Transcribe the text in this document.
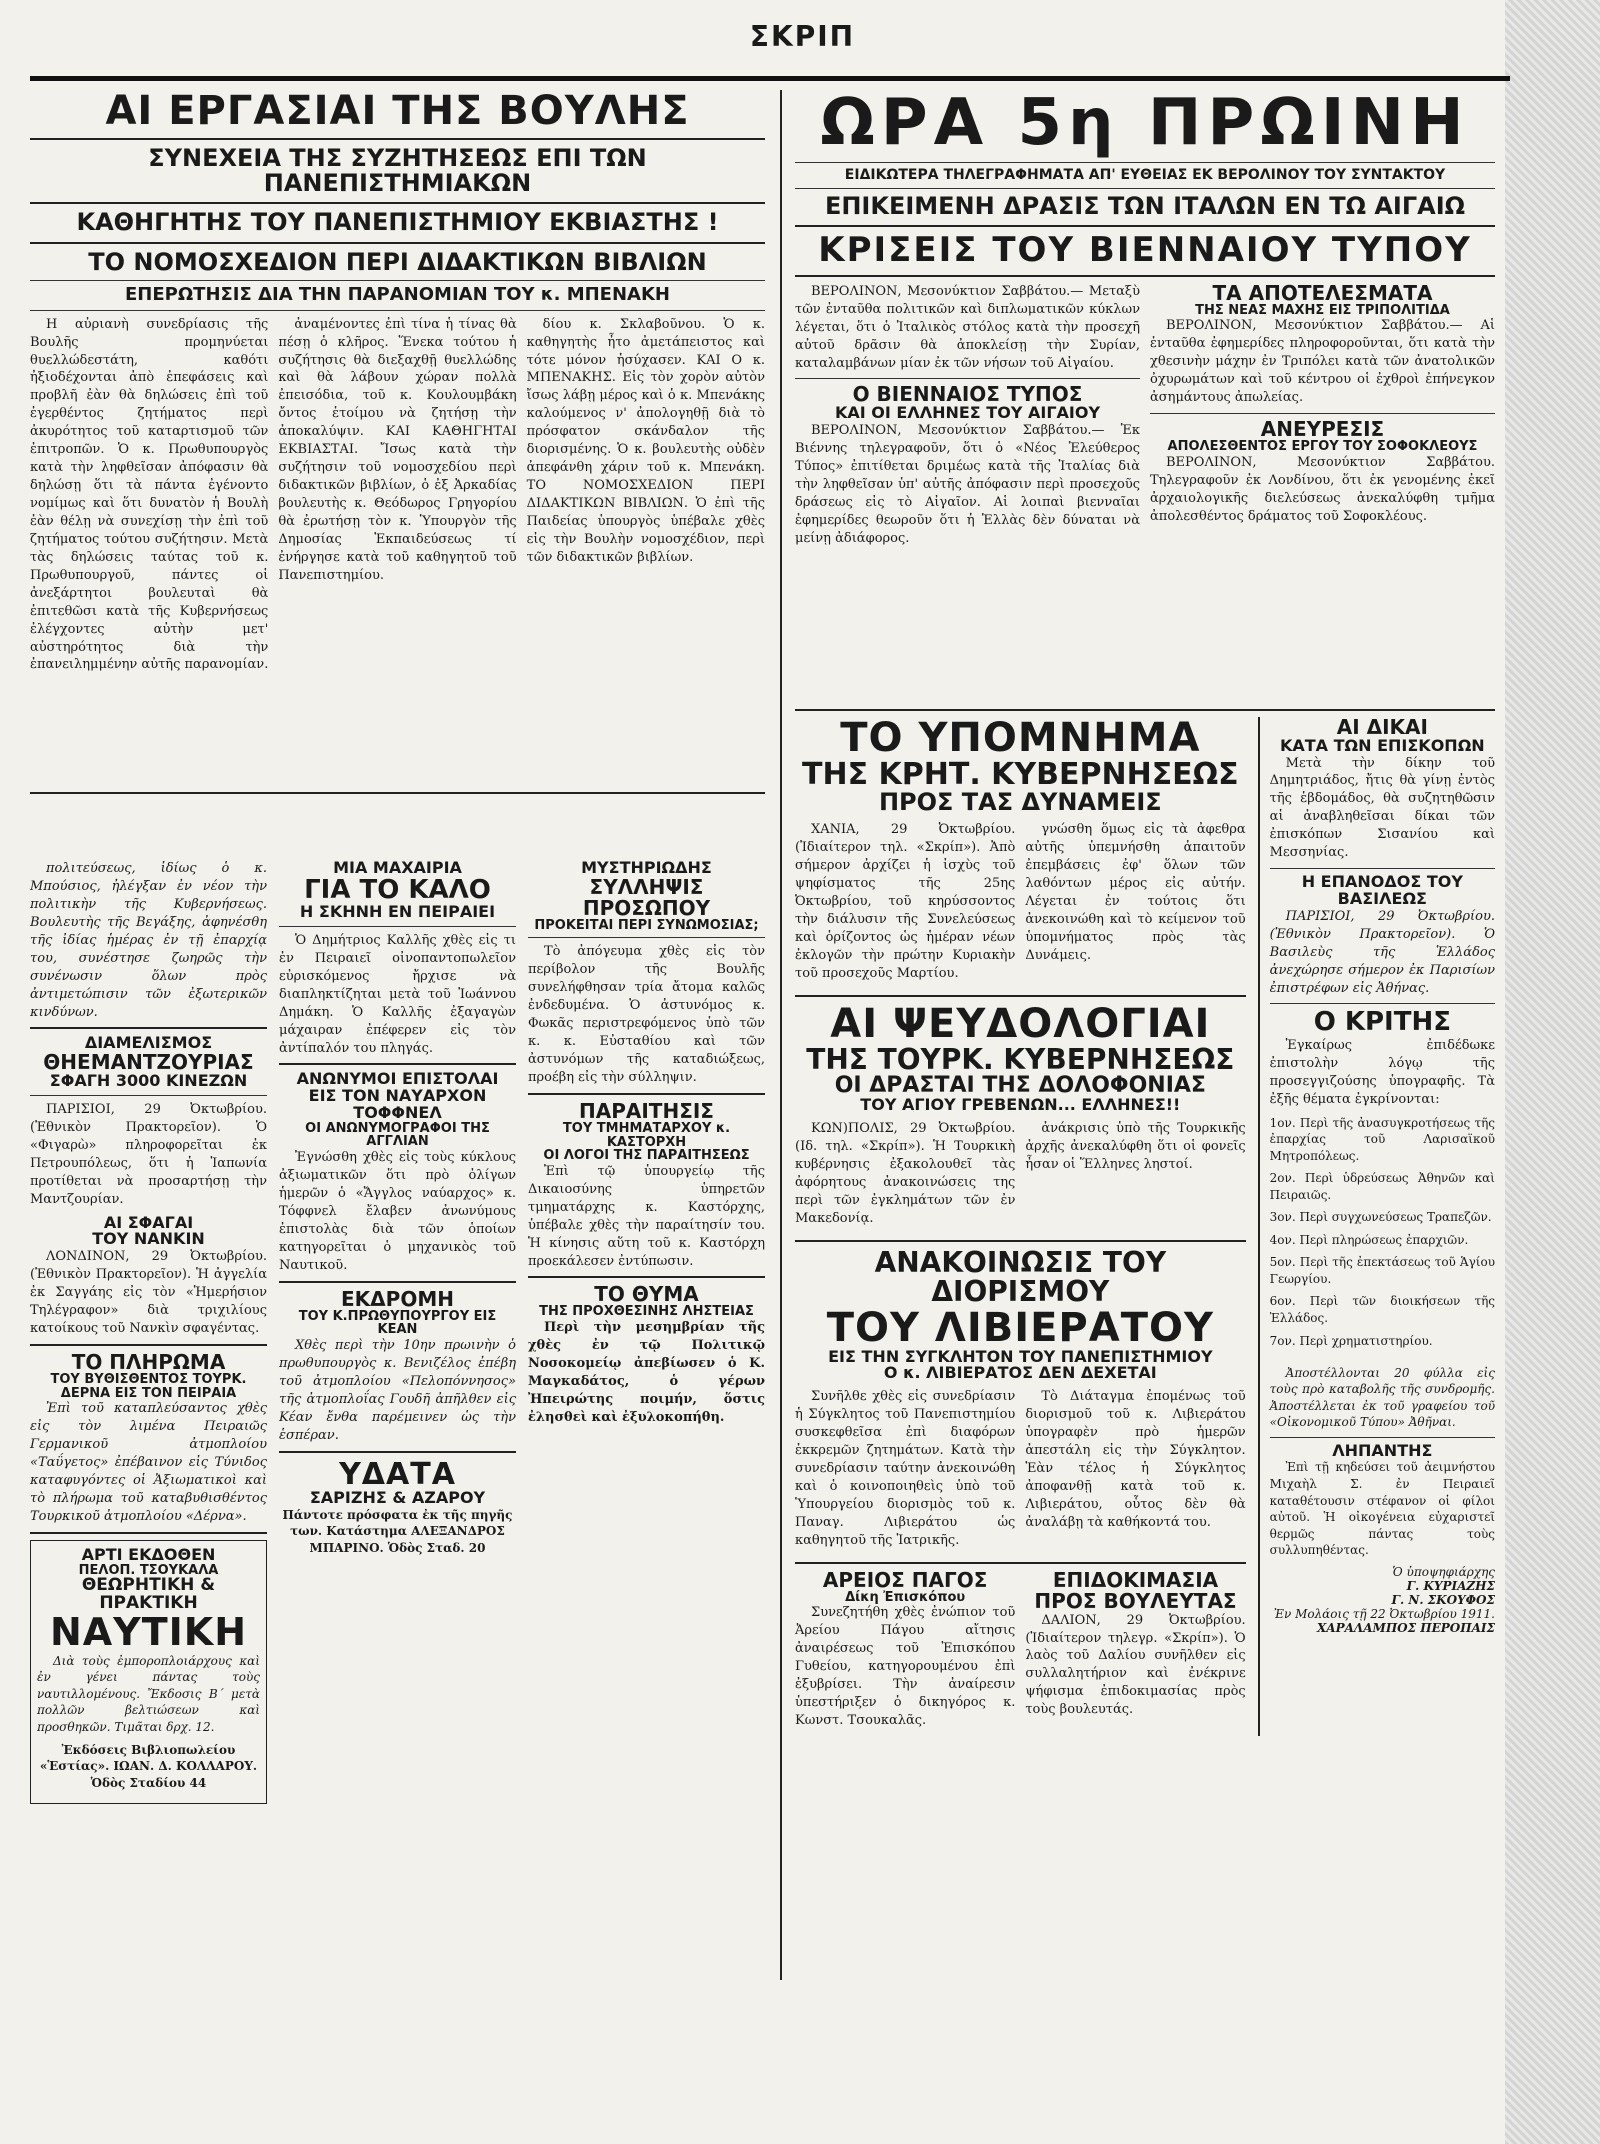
ΣΚΡΙΠ
ΑΙ ΕΡΓΑΣΙΑΙ ΤΗΣ ΒΟΥΛΗΣ
ΣΥΝΕΧΕΙΑ ΤΗΣ ΣΥΖΗΤΗΣΕΩΣ ΕΠΙ ΤΩΝ ΠΑΝΕΠΙΣΤΗΜΙΑΚΩΝ
ΚΑΘΗΓΗΤΗΣ ΤΟΥ ΠΑΝΕΠΙΣΤΗΜΙΟΥ ΕΚΒΙΑΣΤΗΣ !
ΤΟ ΝΟΜΟΣΧΕΔΙΟΝ ΠΕΡΙ ΔΙΔΑΚΤΙΚΩΝ ΒΙΒΛΙΩΝ
ΕΠΕΡΩΤΗΣΙΣ ΔΙΑ ΤΗΝ ΠΑΡΑΝΟΜΙΑΝ ΤΟΥ κ. ΜΠΕΝΑΚΗ

Η αὐριανὴ συνεδρίασις τῆς Βουλῆς προμηνύεται θυελλώδεστάτη, καθότι ἠξιοδέχονται ἀπὸ ἐπεφάσεις καὶ προβλῆ ἐὰν θὰ δηλώσεις ἐπὶ τοῦ ἐγερθέντος ζητήματος περὶ ἀκυρότητος τοῦ καταρτισμοῦ τῶν ἐπιτροπῶν. Ὁ κ. Πρωθυπουργὸς κατὰ τὴν ληφθεῖσαν ἀπόφασιν θὰ δηλώσῃ ὅτι τὰ πάντα ἐγένοντο νομίμως καὶ ὅτι δυνατὸν ἡ Βουλὴ ἐὰν θέλῃ νὰ συνεχίσῃ τὴν ἐπὶ τοῦ ζητήματος τούτου συζήτησιν. Μετὰ τὰς δηλώσεις ταύτας τοῦ κ. Πρωθυπουργοῦ, πάντες οἱ ἀνεξάρτητοι βουλευταὶ θὰ ἐπιτεθῶσι κατὰ τῆς Κυβερνήσεως ἐλέγχοντες αὐτὴν μετ' αὐστηρότητος διὰ τὴν ἐπανειλημμένην αὐτῆς παρανομίαν.

ἀναμένοντες ἐπὶ τίνα ἡ τίνας θὰ πέσῃ ὁ κλῆρος. Ἕνεκα τούτου ἡ συζήτησις θὰ διεξαχθῇ θυελλώδης καὶ θὰ λάβουν χώραν πολλὰ ἐπεισόδια, τοῦ κ. Κουλουμβάκη ὄντος ἑτοίμου νὰ ζητήσῃ τὴν ἀποκαλύψιν. ΚΑΙ ΚΑΘΗΓΗΤΑΙ ΕΚΒΙΑΣΤΑΙ. Ἴσως κατὰ τὴν συζήτησιν τοῦ νομοσχεδίου περὶ διδακτικῶν βιβλίων, ὁ ἐξ Ἀρκαδίας βουλευτὴς κ. Θεόδωρος Γρηγορίου θὰ ἐρωτήσῃ τὸν κ. Ὑπουργὸν τῆς Δημοσίας Ἐκπαιδεύσεως τί ἐνήργησε κατὰ τοῦ καθηγητοῦ τοῦ Πανεπιστημίου.

δίου κ. Σκλαβοῦνου. Ὁ κ. καθηγητὴς ἦτο ἀμετάπειστος καὶ τότε μόνον ἡσύχασεν. ΚΑΙ Ο κ. ΜΠΕΝΑΚΗΣ. Εἰς τὸν χορὸν αὐτὸν ἴσως λάβῃ μέρος καὶ ὁ κ. Μπενάκης καλούμενος ν' ἀπολογηθῇ διὰ τὸ πρόσφατον σκάνδαλον τῆς διορισμένης. Ὁ κ. βουλευτὴς οὐδὲν ἀπεφάνθη χάριν τοῦ κ. Μπενάκη. ΤΟ ΝΟΜΟΣΧΕΔΙΟΝ ΠΕΡΙ ΔΙΔΑΚΤΙΚΩΝ ΒΙΒΛΙΩΝ. Ὁ ἐπὶ τῆς Παιδείας ὑπουργὸς ὑπέβαλε χθὲς εἰς τὴν Βουλὴν νομοσχέδιον, περὶ τῶν διδακτικῶν βιβλίων.

πολιτεύσεως, ἰδίως ὁ κ. Μπούσιος, ἠλέγξαν ἐν νέον τὴν πολιτικὴν τῆς Κυβερνήσεως. Βουλευτὴς τῆς Βεγάξης, ἀφηνέσθη τῆς ἰδίας ἡμέρας ἐν τῇ ἐπαρχίᾳ του, συνέστησε ζωηρῶς τὴν συνένωσιν ὅλων πρὸς ἀντιμετώπισιν τῶν ἐξωτερικῶν κινδύνων.

ΔΙΑΜΕΛΙΣΜΟΣ
ΘΗΕΜΑΝΤΖΟΥΡΙΑΣ
ΣΦΑΓΗ 3000 ΚΙΝΕΖΩΝ

ΠΑΡΙΣΙΟΙ, 29 Ὀκτωβρίου. (Ἐθνικὸν Πρακτορεῖον). Ὁ «Φιγαρὼ» πληροφορεῖται ἐκ Πετρουπόλεως, ὅτι ἡ Ἰαπωνία προτίθεται νὰ προσαρτήσῃ τὴν Μαντζουρίαν.

ΑΙ ΣΦΑΓΑΙ
ΤΟΥ ΝΑΝΚΙΝ

ΛΟΝΔΙΝΟΝ, 29 Ὀκτωβρίου. (Ἐθνικὸν Πρακτορεῖον). Ἡ ἀγγελία ἐκ Σαγγάης εἰς τὸν «Ἡμερήσιον Τηλέγραφον» διὰ τριχιλίους κατοίκους τοῦ Νανκὶν σφαγέντας.

ΤΟ ΠΛΗΡΩΜΑ
ΤΟΥ ΒΥΘΙΣΘΕΝΤΟΣ ΤΟΥΡΚ. ΔΕΡΝΑ ΕΙΣ ΤΟΝ ΠΕΙΡΑΙΑ

Ἐπὶ τοῦ καταπλεύσαντος χθὲς εἰς τὸν λιμένα Πειραιῶς Γερμανικοῦ ἀτμοπλοίου «Ταΰγετος» ἐπέβαινον εἰς Τύνιδος καταφυγόντες οἱ Ἀξιωματικοὶ καὶ τὸ πλήρωμα τοῦ καταβυθισθέντος Τουρκικοῦ ἀτμοπλοίου «Δέρνα».

ΑΡΤΙ ΕΚΔΟΘΕΝ
ΠΕΛΟΠ. ΤΣΟΥΚΑΛΑ
ΘΕΩΡΗΤΙΚΗ & ΠΡΑΚΤΙΚΗ
ΝΑΥΤΙΚΗ

Διὰ τοὺς ἐμπορoπλοιάρχους καὶ ἐν γένει πάντας τοὺς ναυτιλλομένους. Ἔκδοσις Β΄ μετὰ πολλῶν βελτιώσεων καὶ προσθηκῶν. Τιμᾶται δρχ. 12.

Ἐκδόσεις Βιβλιοπωλείου «Ἑστίας». ΙΩΑΝ. Δ. ΚΟΛΛΑΡΟΥ. Ὁδὸς Σταδίου 44

ΜΙΑ ΜΑΧΑΙΡΙΑ
ΓΙΑ ΤΟ ΚΑΛΟ
Η ΣΚΗΝΗ ΕΝ ΠΕΙΡΑΙΕΙ

Ὁ Δημήτριος Καλλῆς χθὲς εἰς τι ἐν Πειραιεῖ οἰνοπαντοπωλεῖον εὐρισκόμενος ἤρχισε νὰ διαπληκτίζηται μετὰ τοῦ Ἰωάννου Δημάκη. Ὁ Καλλῆς ἐξαγαγὼν μάχαιραν ἐπέφερεν εἰς τὸν ἀντίπαλόν του πληγάς.

ΑΝΩΝΥΜΟΙ ΕΠΙΣΤΟΛΑΙ
ΕΙΣ ΤΟΝ ΝΑΥΑΡΧΟΝ ΤΟΦΦΝΕΛ
ΟΙ ΑΝΩΝΥΜΟΓΡΑΦΟΙ ΤΗΣ ΑΓΓΛΙΑΝ

Ἐγνώσθη χθὲς εἰς τοὺς κύκλους ἀξιωματικῶν ὅτι πρὸ ὀλίγων ἡμερῶν ὁ «Ἄγγλος ναύαρχος» κ. Τόφφνελ ἔλαβεν ἀνωνύμους ἐπιστολὰς διὰ τῶν ὁποίων κατηγορεῖται ὁ μηχανικὸς τοῦ Ναυτικοῦ.

ΕΚΔΡΟΜΗ
ΤΟΥ Κ.ΠΡΩΘΥΠΟΥΡΓΟΥ ΕΙΣ ΚΕΑΝ

Χθὲς περὶ τὴν 10ην πρωινὴν ὁ πρωθυπουργὸς κ. Βενιζέλος ἐπέβη τοῦ ἀτμοπλοίου «Πελοπόννησος» τῆς ἀτμοπλοΐας Γουδῆ ἀπῆλθεν εἰς Κέαν ἔνθα παρέμεινεν ὡς τὴν ἑσπέραν.

ΥΔΑΤΑ
ΣΑΡΙΖΗΣ & ΑΖΑΡΟΥ

Πάντοτε πρόσφατα ἐκ τῆς πηγῆς των. Κατάστημα ΑΛΕΞΑΝΔΡΟΣ ΜΠΑΡΙΝΟ. Ὁδὸς Σταδ. 20

ΜΥΣΤΗΡΙΩΔΗΣ
ΣΥΛΛΗΨΙΣ ΠΡΟΣΩΠΟΥ
ΠΡΟΚΕΙΤΑΙ ΠΕΡΙ ΣΥΝΩΜΟΣΙΑΣ;

Τὸ ἀπόγευμα χθὲς εἰς τὸν περίβολον τῆς Βουλῆς συνελήφθησαν τρία ἄτομα καλῶς ἐνδεδυμένα. Ὁ ἀστυνόμος κ. Φωκᾶς περιστρεφόμενος ὑπὸ τῶν κ. κ. Εὐσταθίου καὶ τῶν ἀστυνόμων τῆς καταδιώξεως, προέβη εἰς τὴν σύλληψιν.

ΠΑΡΑΙΤΗΣΙΣ
ΤΟΥ ΤΜΗΜΑΤΑΡΧΟΥ κ. ΚΑΣΤΟΡΧΗ
ΟΙ ΛΟΓΟΙ ΤΗΣ ΠΑΡΑΙΤΗΣΕΩΣ

Ἐπὶ τῷ ὑπουργείῳ τῆς Δικαιοσύνης ὑπηρετῶν τμηματάρχης κ. Καστόρχης, ὑπέβαλε χθὲς τὴν παραίτησίν του. Ἡ κίνησις αὕτη τοῦ κ. Καστόρχη προεκάλεσεν ἐντύπωσιν.

ΤΟ ΘΥΜΑ
ΤΗΣ ΠΡΟΧΘΕΣΙΝΗΣ ΛΗΣΤΕΙΑΣ

Περὶ τὴν μεσημβρίαν τῆς χθὲς ἐν τῷ Πολιτικῷ Νοσοκομείῳ ἀπεβίωσεν ὁ Κ. Μαγκαδάτος, ὁ γέρων Ἠπειρώτης ποιμήν, ὅστις ἐλησθεὶ καὶ ἐξυλοκοπήθη.

ΩΡΑ 5η ΠΡΩΙΝΗ
ΕΙΔΙΚΩΤΕΡΑ ΤΗΛΕΓΡΑΦΗΜΑΤΑ ΑΠ' ΕΥΘΕΙΑΣ ΕΚ ΒΕΡΟΛΙΝΟΥ ΤΟΥ ΣΥΝΤΑΚΤΟΥ
ΕΠΙΚΕΙΜΕΝΗ ΔΡΑΣΙΣ ΤΩΝ ΙΤΑΛΩΝ ΕΝ ΤΩ ΑΙΓΑΙΩ
ΚΡΙΣΕΙΣ ΤΟΥ ΒΙΕΝΝΑΙΟΥ ΤΥΠΟΥ

ΒΕΡΟΛΙΝΟΝ, Μεσονύκτιον Σαββάτου.— Μεταξὺ τῶν ἐνταῦθα πολιτικῶν καὶ διπλωματικῶν κύκλων λέγεται, ὅτι ὁ Ἰταλικὸς στόλος κατὰ τὴν προσεχῆ αὐτοῦ δρᾶσιν θὰ ἀποκλείσῃ τὴν Συρίαν, καταλαμβάνων μίαν ἐκ τῶν νήσων τοῦ Αἰγαίου.

Ο ΒΙΕΝΝΑΙΟΣ ΤΥΠΟΣ
ΚΑΙ ΟΙ ΕΛΛΗΝΕΣ ΤΟΥ ΑΙΓΑΙΟΥ

ΒΕΡΟΛΙΝΟΝ, Μεσονύκτιον Σαββάτου.— Ἐκ Βιέννης τηλεγραφοῦν, ὅτι ὁ «Νέος Ἐλεύθερος Τύπος» ἐπιτίθεται δριμέως κατὰ τῆς Ἰταλίας διὰ τὴν ληφθεῖσαν ὑπ' αὐτῆς ἀπόφασιν περὶ προσεχοῦς δράσεως εἰς τὸ Αἰγαῖον. Αἱ λοιπαὶ βιενναῖαι ἐφημερίδες θεωροῦν ὅτι ἡ Ἑλλὰς δὲν δύναται νὰ μείνῃ ἀδιάφορος.

ΤΑ ΑΠΟΤΕΛΕΣΜΑΤΑ
ΤΗΣ ΝΕΑΣ ΜΑΧΗΣ ΕΙΣ ΤΡΙΠΟΛΙΤΙΔΑ

ΒΕΡΟΛΙΝΟΝ, Μεσονύκτιον Σαββάτου.— Αἱ ἐνταῦθα ἐφημερίδες πληροφοροῦνται, ὅτι κατὰ τὴν χθεσινὴν μάχην ἐν Τριπόλει κατὰ τῶν ἀνατολικῶν ὀχυρωμάτων καὶ τοῦ κέντρου οἱ ἐχθροὶ ἐπήνεγκον ἀσημάντους ἀπωλείας.

ΑΝΕΥΡΕΣΙΣ
ΑΠΟΛΕΣΘΕΝΤΟΣ ΕΡΓΟΥ ΤΟΥ ΣΟΦΟΚΛΕΟΥΣ

ΒΕΡΟΛΙΝΟΝ, Μεσονύκτιον Σαββάτου. Τηλεγραφοῦν ἐκ Λονδίνου, ὅτι ἐκ γενομένης ἐκεῖ ἀρχαιολογικῆς διελεύσεως ἀνεκαλύφθη τμῆμα ἀπολεσθέντος δράματος τοῦ Σοφοκλέους.

ΤΟ ΥΠΟΜΝΗΜΑ
ΤΗΣ ΚΡΗΤ. ΚΥΒΕΡΝΗΣΕΩΣ
ΠΡΟΣ ΤΑΣ ΔΥΝΑΜΕΙΣ

ΧΑΝΙΑ, 29 Ὀκτωβρίου. (Ἰδιαίτερον τηλ. «Σκρίπ»). Ἀπὸ σήμερον ἀρχίζει ἡ ἰσχὺς τοῦ ψηφίσματος τῆς 25ης Ὀκτωβρίου, τοῦ κηρύσσοντος τὴν διάλυσιν τῆς Συνελεύσεως καὶ ὁρίζοντος ὡς ἡμέραν νέων ἐκλογῶν τὴν πρώτην Κυριακὴν τοῦ προσεχοῦς Μαρτίου.

γνώσθη ὅμως εἰς τὰ ἀφεθρα αὐτῆς ὑπεμνήσθη ἀπαιτοῦν ἐπεμβάσεις ἐφ' ὅλων τῶν λαθόντων μέρος εἰς αὐτήν. Λέγεται ἐν τούτοις ὅτι ἀνεκοινώθη καὶ τὸ κείμενον τοῦ ὑπομνήματος πρὸς τὰς Δυνάμεις.

ΑΙ ΨΕΥΔΟΛΟΓΙΑΙ
ΤΗΣ ΤΟΥΡΚ. ΚΥΒΕΡΝΗΣΕΩΣ
ΟΙ ΔΡΑΣΤΑΙ ΤΗΣ ΔΟΛΟΦΟΝΙΑΣ
ΤΟΥ ΑΓΙΟΥ ΓΡΕΒΕΝΩΝ... ΕΛΛΗΝΕΣ!!

ΚΩΝ)ΠΟΛΙΣ, 29 Ὀκτωβρίου. (Ιδ. τηλ. «Σκρίπ»). Ἡ Τουρκικὴ κυβέρνησις ἐξακολουθεῖ τὰς ἀφόρητους ἀνακοινώσεις της περὶ τῶν ἐγκλημάτων τῶν ἐν Μακεδονίᾳ.

ἀνάκρισις ὑπὸ τῆς Τουρκικῆς ἀρχῆς ἀνεκαλύφθη ὅτι οἱ φονεῖς ἦσαν οἱ Ἕλληνες ληστοί.

ΑΝΑΚΟΙΝΩΣΙΣ ΤΟΥ ΔΙΟΡΙΣΜΟΥ
ΤΟΥ ΛΙΒΙΕΡΑΤΟΥ
ΕΙΣ ΤΗΝ ΣΥΓΚΛΗΤΟΝ ΤΟΥ ΠΑΝΕΠΙΣΤΗΜΙΟΥ
Ο κ. ΛΙΒΙΕΡΑΤΟΣ ΔΕΝ ΔΕΧΕΤΑΙ

Συνῆλθε χθὲς εἰς συνεδρίασιν ἡ Σύγκλητος τοῦ Πανεπιστημίου συσκεφθεῖσα ἐπὶ διαφόρων ἐκκρεμῶν ζητημάτων. Κατὰ τὴν συνεδρίασιν ταύτην ἀνεκοινώθη καὶ ὁ κοινοποιηθεὶς ὑπὸ τοῦ Ὑπουργείου διορισμὸς τοῦ κ. Παναγ. Λιβιεράτου ὡς καθηγητοῦ τῆς Ἰατρικῆς.

Τὸ Διάταγμα ἐπομένως τοῦ διορισμοῦ τοῦ κ. Λιβιεράτου ὑπογραφὲν πρὸ ἡμερῶν ἀπεστάλη εἰς τὴν Σύγκλητον. Ἐὰν τέλος ἡ Σύγκλητος ἀποφανθῇ κατὰ τοῦ κ. Λιβιεράτου, οὗτος δὲν θὰ ἀναλάβῃ τὰ καθήκοντά του.

ΑΡΕΙΟΣ ΠΑΓΟΣ
Δίκη Ἐπισκόπου

Συνεζητήθη χθὲς ἐνώπιον τοῦ Ἀρείου Πάγου αἴτησις ἀναιρέσεως τοῦ Ἐπισκόπου Γυθείου, κατηγορουμένου ἐπὶ ἐξυβρίσει. Τὴν ἀναίρεσιν ὑπεστήριξεν ὁ δικηγόρος κ. Κωνστ. Τσουκαλᾶς.

ΕΠΙΔΟΚΙΜΑΣΙΑ
ΠΡΟΣ ΒΟΥΛΕΥΤΑΣ

ΔΑΛΙΟΝ, 29 Ὀκτωβρίου. (Ἰδιαίτερον τηλεγρ. «Σκρίπ»). Ὁ λαὸς τοῦ Δαλίου συνῆλθεν εἰς συλλαλητήριον καὶ ἐνέκρινε ψήφισμα ἐπιδοκιμασίας πρὸς τοὺς βουλευτάς.

ΑΙ ΔΙΚΑΙ
ΚΑΤΑ ΤΩΝ ΕΠΙΣΚΟΠΩΝ

Μετὰ τὴν δίκην τοῦ Δημητριάδος, ἤτις θὰ γίνῃ ἐντὸς τῆς ἑβδομάδος, θὰ συζητηθῶσιν αἱ ἀναβληθεῖσαι δίκαι τῶν ἐπισκόπων Σισανίου καὶ Μεσσηνίας.

Η ΕΠΑΝΟΔΟΣ ΤΟΥ ΒΑΣΙΛΕΩΣ

ΠΑΡΙΣΙΟΙ, 29 Ὀκτωβρίου. (Ἐθνικὸν Πρακτορεῖον). Ὁ Βασιλεὺς τῆς Ἑλλάδος ἀνεχώρησε σήμερον ἐκ Παρισίων ἐπιστρέφων εἰς Ἀθήνας.

Ο ΚΡΙΤΗΣ

Ἐγκαίρως ἐπιδέδωκε ἐπιστολὴν λόγῳ τῆς προσεγγιζούσης ὑπογραφῆς. Τὰ ἐξῆς θέματα ἐγκρίνονται:

1ον. Περὶ τῆς ἀνασυγκροτήσεως τῆς ἐπαρχίας τοῦ Λαρισαϊκοῦ Μητροπόλεως.

2ον. Περὶ ὑδρεύσεως Ἀθηνῶν καὶ Πειραιῶς.

3ον. Περὶ συγχωνεύσεως Τραπεζῶν.

4ον. Περὶ πληρώσεως ἐπαρχιῶν.

5ον. Περὶ τῆς ἐπεκτάσεως τοῦ Ἁγίου Γεωργίου.

6ον. Περὶ τῶν διοικήσεων τῆς Ἑλλάδος.

7ον. Περὶ χρηματιστηρίου.

Ἀποστέλλονται 20 φύλλα εἰς τοὺς πρὸ καταβολῆς τῆς συνδρομῆς. Ἀποστέλλεται ἐκ τοῦ γραφείου τοῦ «Οἰκονομικοῦ Τύπου» Ἀθῆναι.

ΛΗΠΑΝΤΗΣ

Ἐπὶ τῇ κηδεύσει τοῦ ἀειμνήστου Μιχαὴλ Σ. ἐν Πειραιεῖ καταθέτουσιν στέφανον οἱ φίλοι αὐτοῦ. Ἡ οἰκογένεια εὐχαριστεῖ θερμῶς πάντας τοὺς συλλυπηθέντας.

Ὁ ὑποψηφιάρχης
Γ. ΚΥΡΙΑΖΗΣ
Γ. Ν. ΣΚΟΥΦΟΣ
Ἐν Μολάοις τῇ 22 Ὀκτωβρίου 1911.
ΧΑΡΑΛΑΜΠΟΣ ΠΕΡΟΠΑΙΣ
